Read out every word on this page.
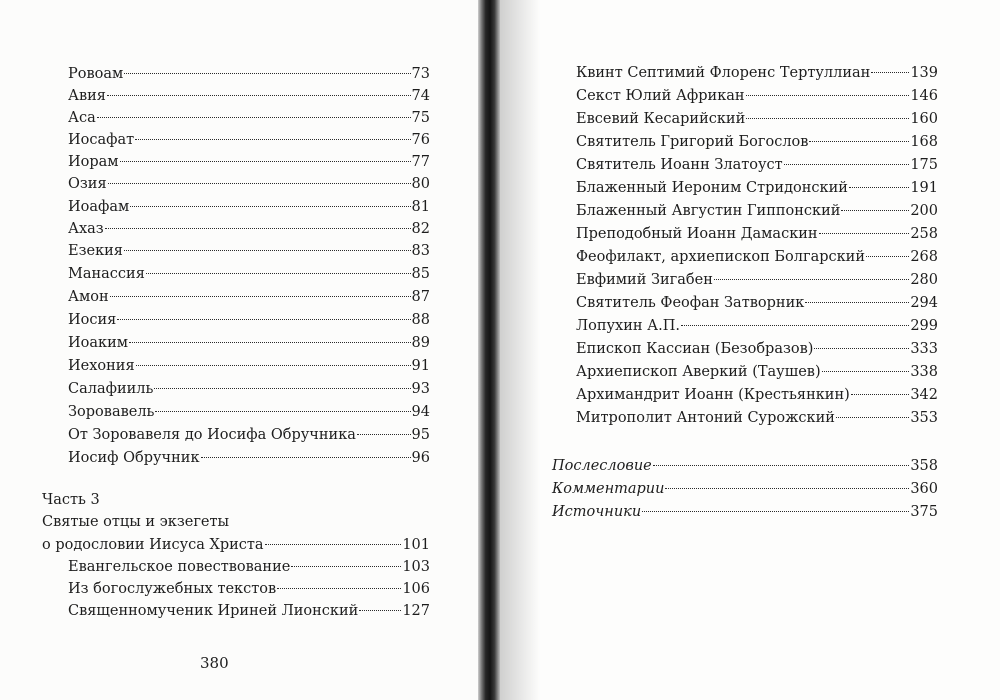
Ровоам	73
Авия	74
Аса	75
Иосафат	76
Иорам	77
Озия	80
Иоафам	81
Ахаз	82
Езекия	83
Манассия	85
Амон	87
Иосия	88
Иоаким	89
Иехония	91
Салафииль	93
Зоровавель	94
От Зоровавеля до Иосифа Обручника	95
Иосиф Обручник	96
Часть 3
Святые отцы и экзегеты
о родословии Иисуса Христа	101
Евангельское повествование	103
Из богослужебных текстов	106
Священномученик Ириней Лионский	127
380
Квинт Септимий Флоренс Тертуллиан	139
Секст Юлий Африкан	146
Евсевий Кесарийский	160
Святитель Григорий Богослов	168
Святитель Иоанн Златоуст	175
Блаженный Иероним Стридонский	191
Блаженный Августин Гиппонский	200
Преподобный Иоанн Дамаскин	258
Феофилакт, архиепископ Болгарский	268
Евфимий Зигабен	280
Святитель Феофан Затворник	294
Лопухин А.П.	299
Епископ Кассиан (Безобразов)	333
Архиепископ Аверкий (Таушев)	338
Архимандрит Иоанн (Крестьянкин)	342
Митрополит Антоний Сурожский	353
Послесловие	358
Комментарии	360
Источники	375
